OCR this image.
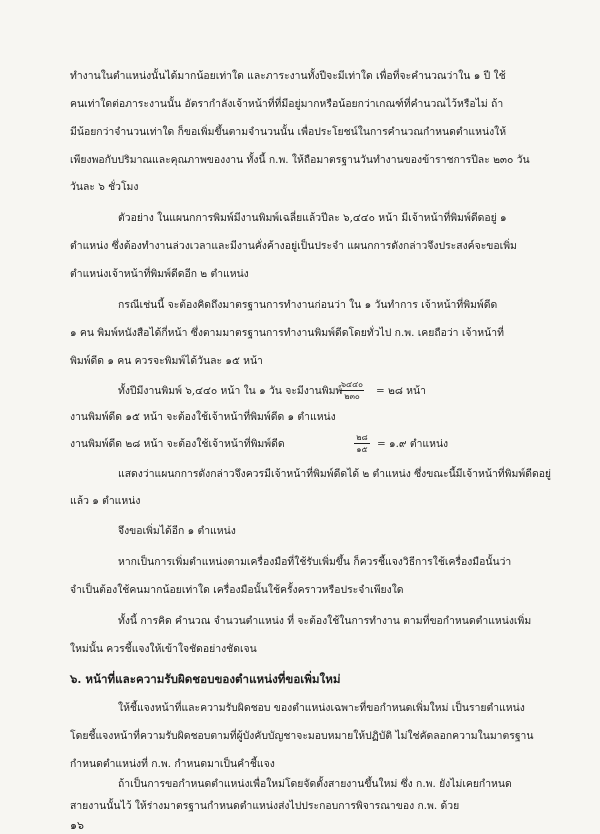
ทำงานในตำแหน่งนั้นได้มากน้อยเท่าใด และภาระงานทั้งปีจะมีเท่าใด เพื่อที่จะคำนวณว่าใน ๑ ปี ใช้
คนเท่าใดต่อภาระงานนั้น อัตรากำลังเจ้าหน้าที่ที่มีอยู่มากหรือน้อยกว่าเกณฑ์ที่คำนวณไว้หรือไม่ ถ้า
มีน้อยกว่าจำนวนเท่าใด ก็ขอเพิ่มขึ้นตามจำนวนนั้น เพื่อประโยชน์ในการคำนวณกำหนดตำแหน่งให้
เพียงพอกับปริมาณและคุณภาพของงาน ทั้งนี้ ก.พ. ให้ถือมาตรฐานวันทำงานของข้าราชการปีละ ๒๓๐ วัน
วันละ ๖ ชั่วโมง
ตัวอย่าง ในแผนกการพิมพ์มีงานพิมพ์เฉลี่ยแล้วปีละ ๖,๔๔๐ หน้า มีเจ้าหน้าที่พิมพ์ดีดอยู่ ๑
ตำแหน่ง ซึ่งต้องทำงานล่วงเวลาและมีงานคั่งค้างอยู่เป็นประจำ แผนกการดังกล่าวจึงประสงค์จะขอเพิ่ม
ตำแหน่งเจ้าหน้าที่พิมพ์ดีดอีก ๒ ตำแหน่ง
กรณีเช่นนี้ จะต้องคิดถึงมาตรฐานการทำงานก่อนว่า ใน ๑ วันทำการ เจ้าหน้าที่พิมพ์ดีด
๑ คน พิมพ์หนังสือได้กี่หน้า ซึ่งตามมาตรฐานการทำงานพิมพ์ดีดโดยทั่วไป ก.พ. เคยถือว่า เจ้าหน้าที่
พิมพ์ดีด ๑ คน ควรจะพิมพ์ได้วันละ ๑๕ หน้า
ทั้งปีมีงานพิมพ์ ๖,๔๔๐ หน้า ใน ๑ วัน จะมีงานพิมพ์
๖๔๔๐
๒๓๐	= ๒๘ หน้า
งานพิมพ์ดีด ๑๕ หน้า จะต้องใช้เจ้าหน้าที่พิมพ์ดีด ๑ ตำแหน่ง
งานพิมพ์ดีด ๒๘ หน้า จะต้องใช้เจ้าหน้าที่พิมพ์ดีด
๒๘
๑๕ = ๑.๙ ตำแหน่ง
แสดงว่าแผนกการดังกล่าวจึงควรมีเจ้าหน้าที่พิมพ์ดีดได้ ๒ ตำแหน่ง ซึ่งขณะนี้มีเจ้าหน้าที่พิมพ์ดีดอยู่
แล้ว ๑ ตำแหน่ง
จึงขอเพิ่มได้อีก ๑ ตำแหน่ง
หากเป็นการเพิ่มตำแหน่งตามเครื่องมือที่ใช้รับเพิ่มขึ้น ก็ควรชี้แจงวิธีการใช้เครื่องมือนั้นว่า
จำเป็นต้องใช้คนมากน้อยเท่าใด เครื่องมือนั้นใช้ครั้งคราวหรือประจำเพียงใด
ทั้งนี้ การคิด คำนวณ จำนวนตำแหน่ง ที่ จะต้องใช้ในการทำงาน ตามที่ขอกำหนดตำแหน่งเพิ่ม
ใหม่นั้น ควรชี้แจงให้เข้าใจชัดอย่างชัดเจน
๖. หน้าที่และความรับผิดชอบของตำแหน่งที่ขอเพิ่มใหม่
ให้ชี้แจงหน้าที่และความรับผิดชอบ ของตำแหน่งเฉพาะที่ขอกำหนดเพิ่มใหม่ เป็นรายตำแหน่ง
โดยชี้แจงหน้าที่ความรับผิดชอบตามที่ผู้บังคับบัญชาจะมอบหมายให้ปฏิบัติ ไม่ใช่คัดลอกความในมาตรฐาน
กำหนดตำแหน่งที่ ก.พ. กำหนดมาเป็นคำชี้แจง
ถ้าเป็นการขอกำหนดตำแหน่งเพื่อใหม่โดยจัดตั้งสายงานขึ้นใหม่ ซึ่ง ก.พ. ยังไม่เคยกำหนด
สายงานนั้นไว้ ให้ร่างมาตรฐานกำหนดตำแหน่งส่งไปประกอบการพิจารณาของ ก.พ. ด้วย
๑๖
